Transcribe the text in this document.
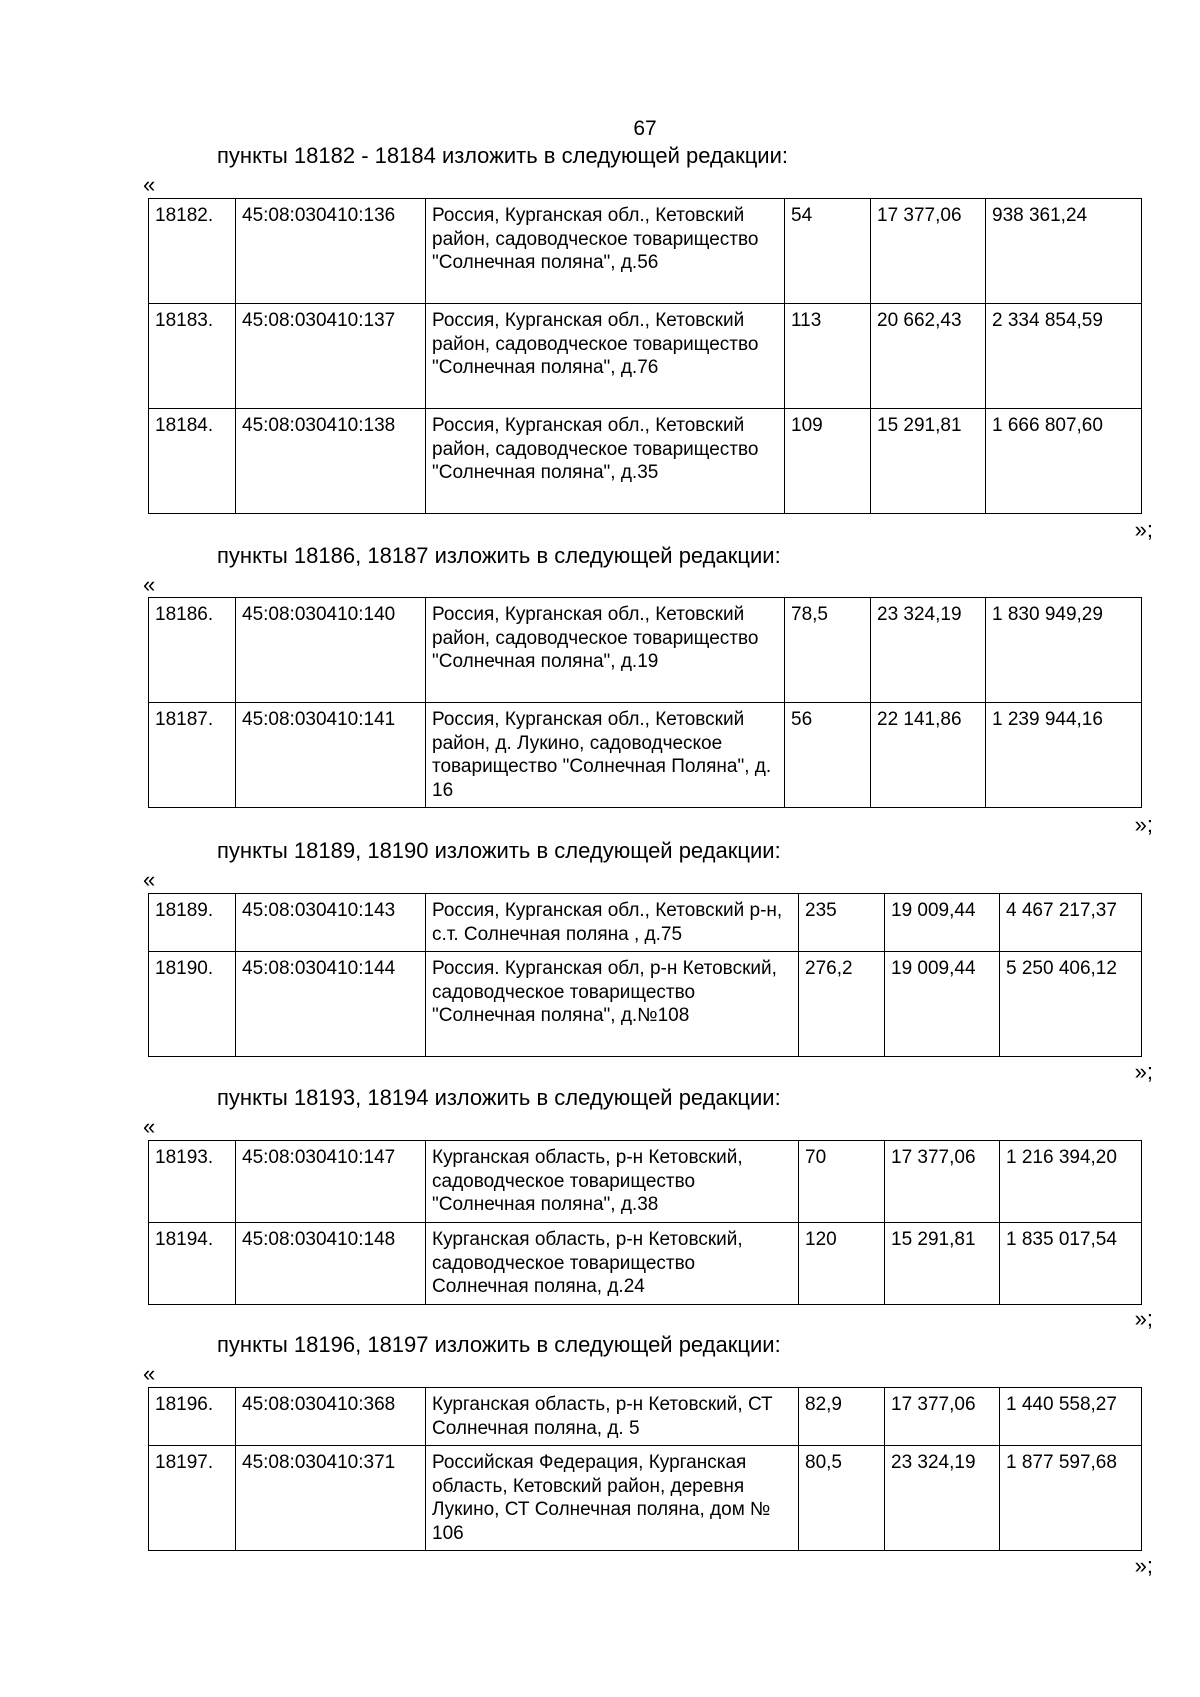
67
пункты 18182 - 18184 изложить в следующей редакции:
«
18182.	45:08:030410:136	Россия, Курганская обл., Кетовский район, садоводческое товарищество "Солнечная поляна", д.56	54	17 377,06	938 361,24
18183.	45:08:030410:137	Россия, Курганская обл., Кетовский район, садоводческое товарищество "Солнечная поляна", д.76	113	20 662,43	2 334 854,59
18184.	45:08:030410:138	Россия, Курганская обл., Кетовский район, садоводческое товарищество "Солнечная поляна", д.35	109	15 291,81	1 666 807,60
»;
пункты 18186, 18187 изложить в следующей редакции:
«
18186.	45:08:030410:140	Россия, Курганская обл., Кетовский район, садоводческое товарищество "Солнечная поляна", д.19	78,5	23 324,19	1 830 949,29
18187.	45:08:030410:141	Россия, Курганская обл., Кетовский район, д. Лукино, садоводческое товарищество "Солнечная Поляна", д. 16	56	22 141,86	1 239 944,16
»;
пункты 18189, 18190 изложить в следующей редакции:
«
18189.	45:08:030410:143	Россия, Курганская обл., Кетовский р-н, с.т. Солнечная поляна , д.75	235	19 009,44	4 467 217,37
18190.	45:08:030410:144	Россия. Курганская обл, р-н Кетовский, садоводческое товарищество "Солнечная поляна", д.№108	276,2	19 009,44	5 250 406,12
»;
пункты 18193, 18194 изложить в следующей редакции:
«
18193.	45:08:030410:147	Курганская область, р-н Кетовский, садоводческое товарищество "Солнечная поляна", д.38	70	17 377,06	1 216 394,20
18194.	45:08:030410:148	Курганская область, р-н Кетовский, садоводческое товарищество Солнечная поляна, д.24	120	15 291,81	1 835 017,54
»;
пункты 18196, 18197 изложить в следующей редакции:
«
18196.	45:08:030410:368	Курганская область, р-н Кетовский, СТ Солнечная поляна, д. 5	82,9	17 377,06	1 440 558,27
18197.	45:08:030410:371	Российская Федерация, Курганская область, Кетовский район, деревня Лукино, СТ Солнечная поляна, дом № 106	80,5	23 324,19	1 877 597,68
»;
